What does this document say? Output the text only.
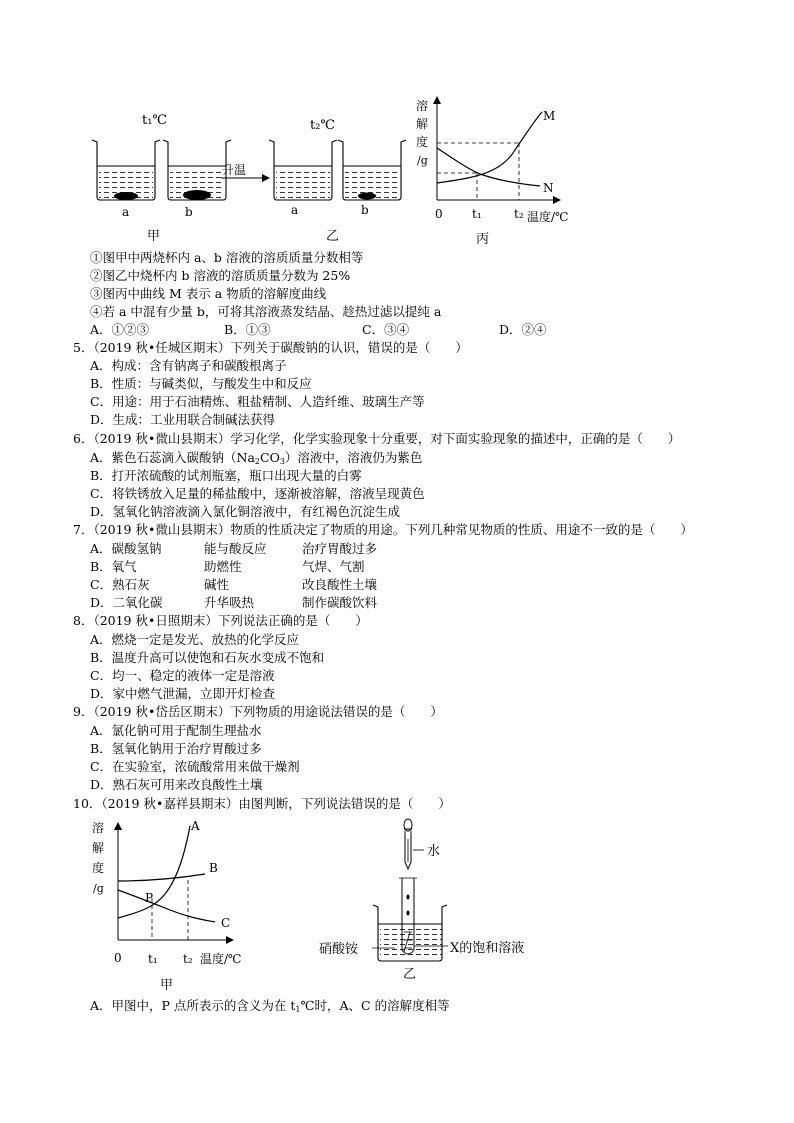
t₁℃	t₂℃
a	b
升温
a	b
甲	乙	丙
溶
解
度
/g
M
N
0 t₁	t₂ 温度/℃
①图甲中两烧杯内 a、b 溶液的溶质质量分数相等
②图乙中烧杯内 b 溶液的溶质质量分数为 25%
③图丙中曲线 M 表示 a 物质的溶解度曲线
④若 a 中混有少量 b，可将其溶液蒸发结晶、趁热过滤以提纯 a
A．①②③	B．①③	C．③④	D．②④
5．（2019 秋•任城区期末）下列关于碳酸钠的认识，错误的是（　　）
A．构成：含有钠离子和碳酸根离子
B．性质：与碱类似，与酸发生中和反应
C．用途：用于石油精炼、粗盐精制、人造纤维、玻璃生产等
D．生成：工业用联合制碱法获得
6．（2019 秋•微山县期末）学习化学，化学实验现象十分重要，对下面实验现象的描述中，正确的是（　　）
A．紫色石蕊滴入碳酸钠$(Na_2CO_3)$溶液中，溶液仍为紫色
B．打开浓硫酸的试剂瓶塞，瓶口出现大量的白雾
C．将铁锈放入足量的稀盐酸中，逐渐被溶解，溶液呈现黄色
D．氢氧化钠溶液滴入氯化铜溶液中，有红褐色沉淀生成
7．（2019 秋•微山县期末）物质的性质决定了物质的用途。下列几种常见物质的性质、用途不一致的是（　　）
A．碳酸氢钠	能与酸反应	治疗胃酸过多
B．氧气	助燃性	气焊、气割
C．熟石灰	碱性	改良酸性土壤
D．二氧化碳	升华吸热	制作碳酸饮料
8．（2019 秋•日照期末）下列说法正确的是（　　）
A．燃烧一定是发光、放热的化学反应
B．温度升高可以使饱和石灰水变成不饱和
C．均一、稳定的液体一定是溶液
D．家中燃气泄漏，立即开灯检查
9．（2019 秋•岱岳区期末）下列物质的用途说法错误的是（　　）
A．氯化钠可用于配制生理盐水
B．氢氧化钠用于治疗胃酸过多
C．在实验室，浓硫酸常用来做干燥剂
D．熟石灰可用来改良酸性土壤
10．（2019 秋•嘉祥县期末）由图判断，下列说法错误的是（　　）
溶
解
度
/g
A
B
C
P
0 t₁ t₂ 温度/℃
甲
水
硝酸铵	X的饱和溶液
乙
A．甲图中，P 点所表示的含义为在 $t_1℃$时，A、C 的溶解度相等
